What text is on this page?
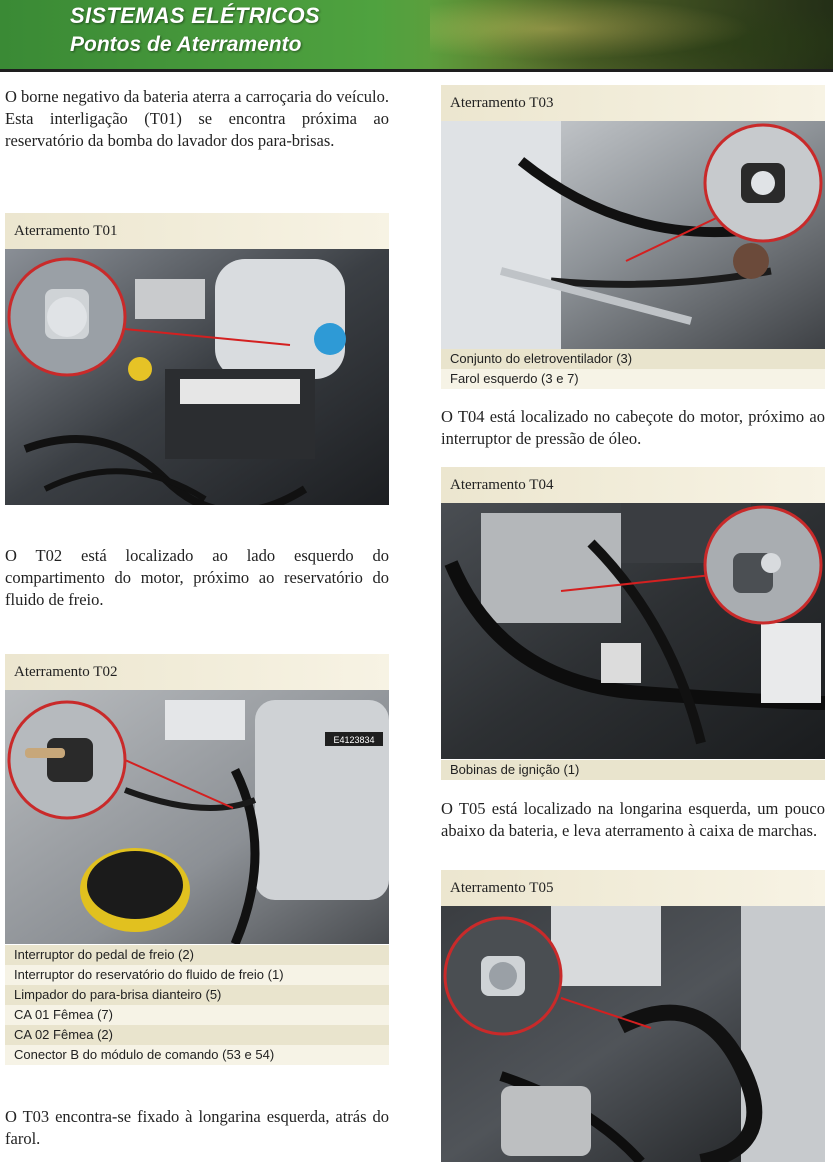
SISTEMAS ELÉTRICOS
Pontos de Aterramento
O borne negativo da bateria aterra a carroçaria do veículo. Esta interligação (T01) se encontra próxima ao reservatório da bomba do lavador dos para-brisas.
Aterramento T01
O T02 está localizado ao lado esquerdo do compartimento do motor, próximo ao reservatório do fluido de freio.
Aterramento T02
E4123834
Interruptor do pedal de freio (2)
Interruptor do reservatório do fluido de freio (1)
Limpador do para-brisa dianteiro (5)
CA 01 Fêmea (7)
CA 02 Fêmea (2)
Conector B do módulo de comando (53 e 54)
O T03 encontra-se fixado à longarina esquerda, atrás do farol.
Aterramento T03
Conjunto do eletroventilador (3)
Farol esquerdo (3 e 7)
O T04 está localizado no cabeçote do motor, próximo ao interruptor de pressão de óleo.
Aterramento T04
Bobinas de ignição (1)
O T05 está localizado na longarina esquerda, um pouco abaixo da bateria, e leva aterramento à caixa de marchas.
Aterramento T05
